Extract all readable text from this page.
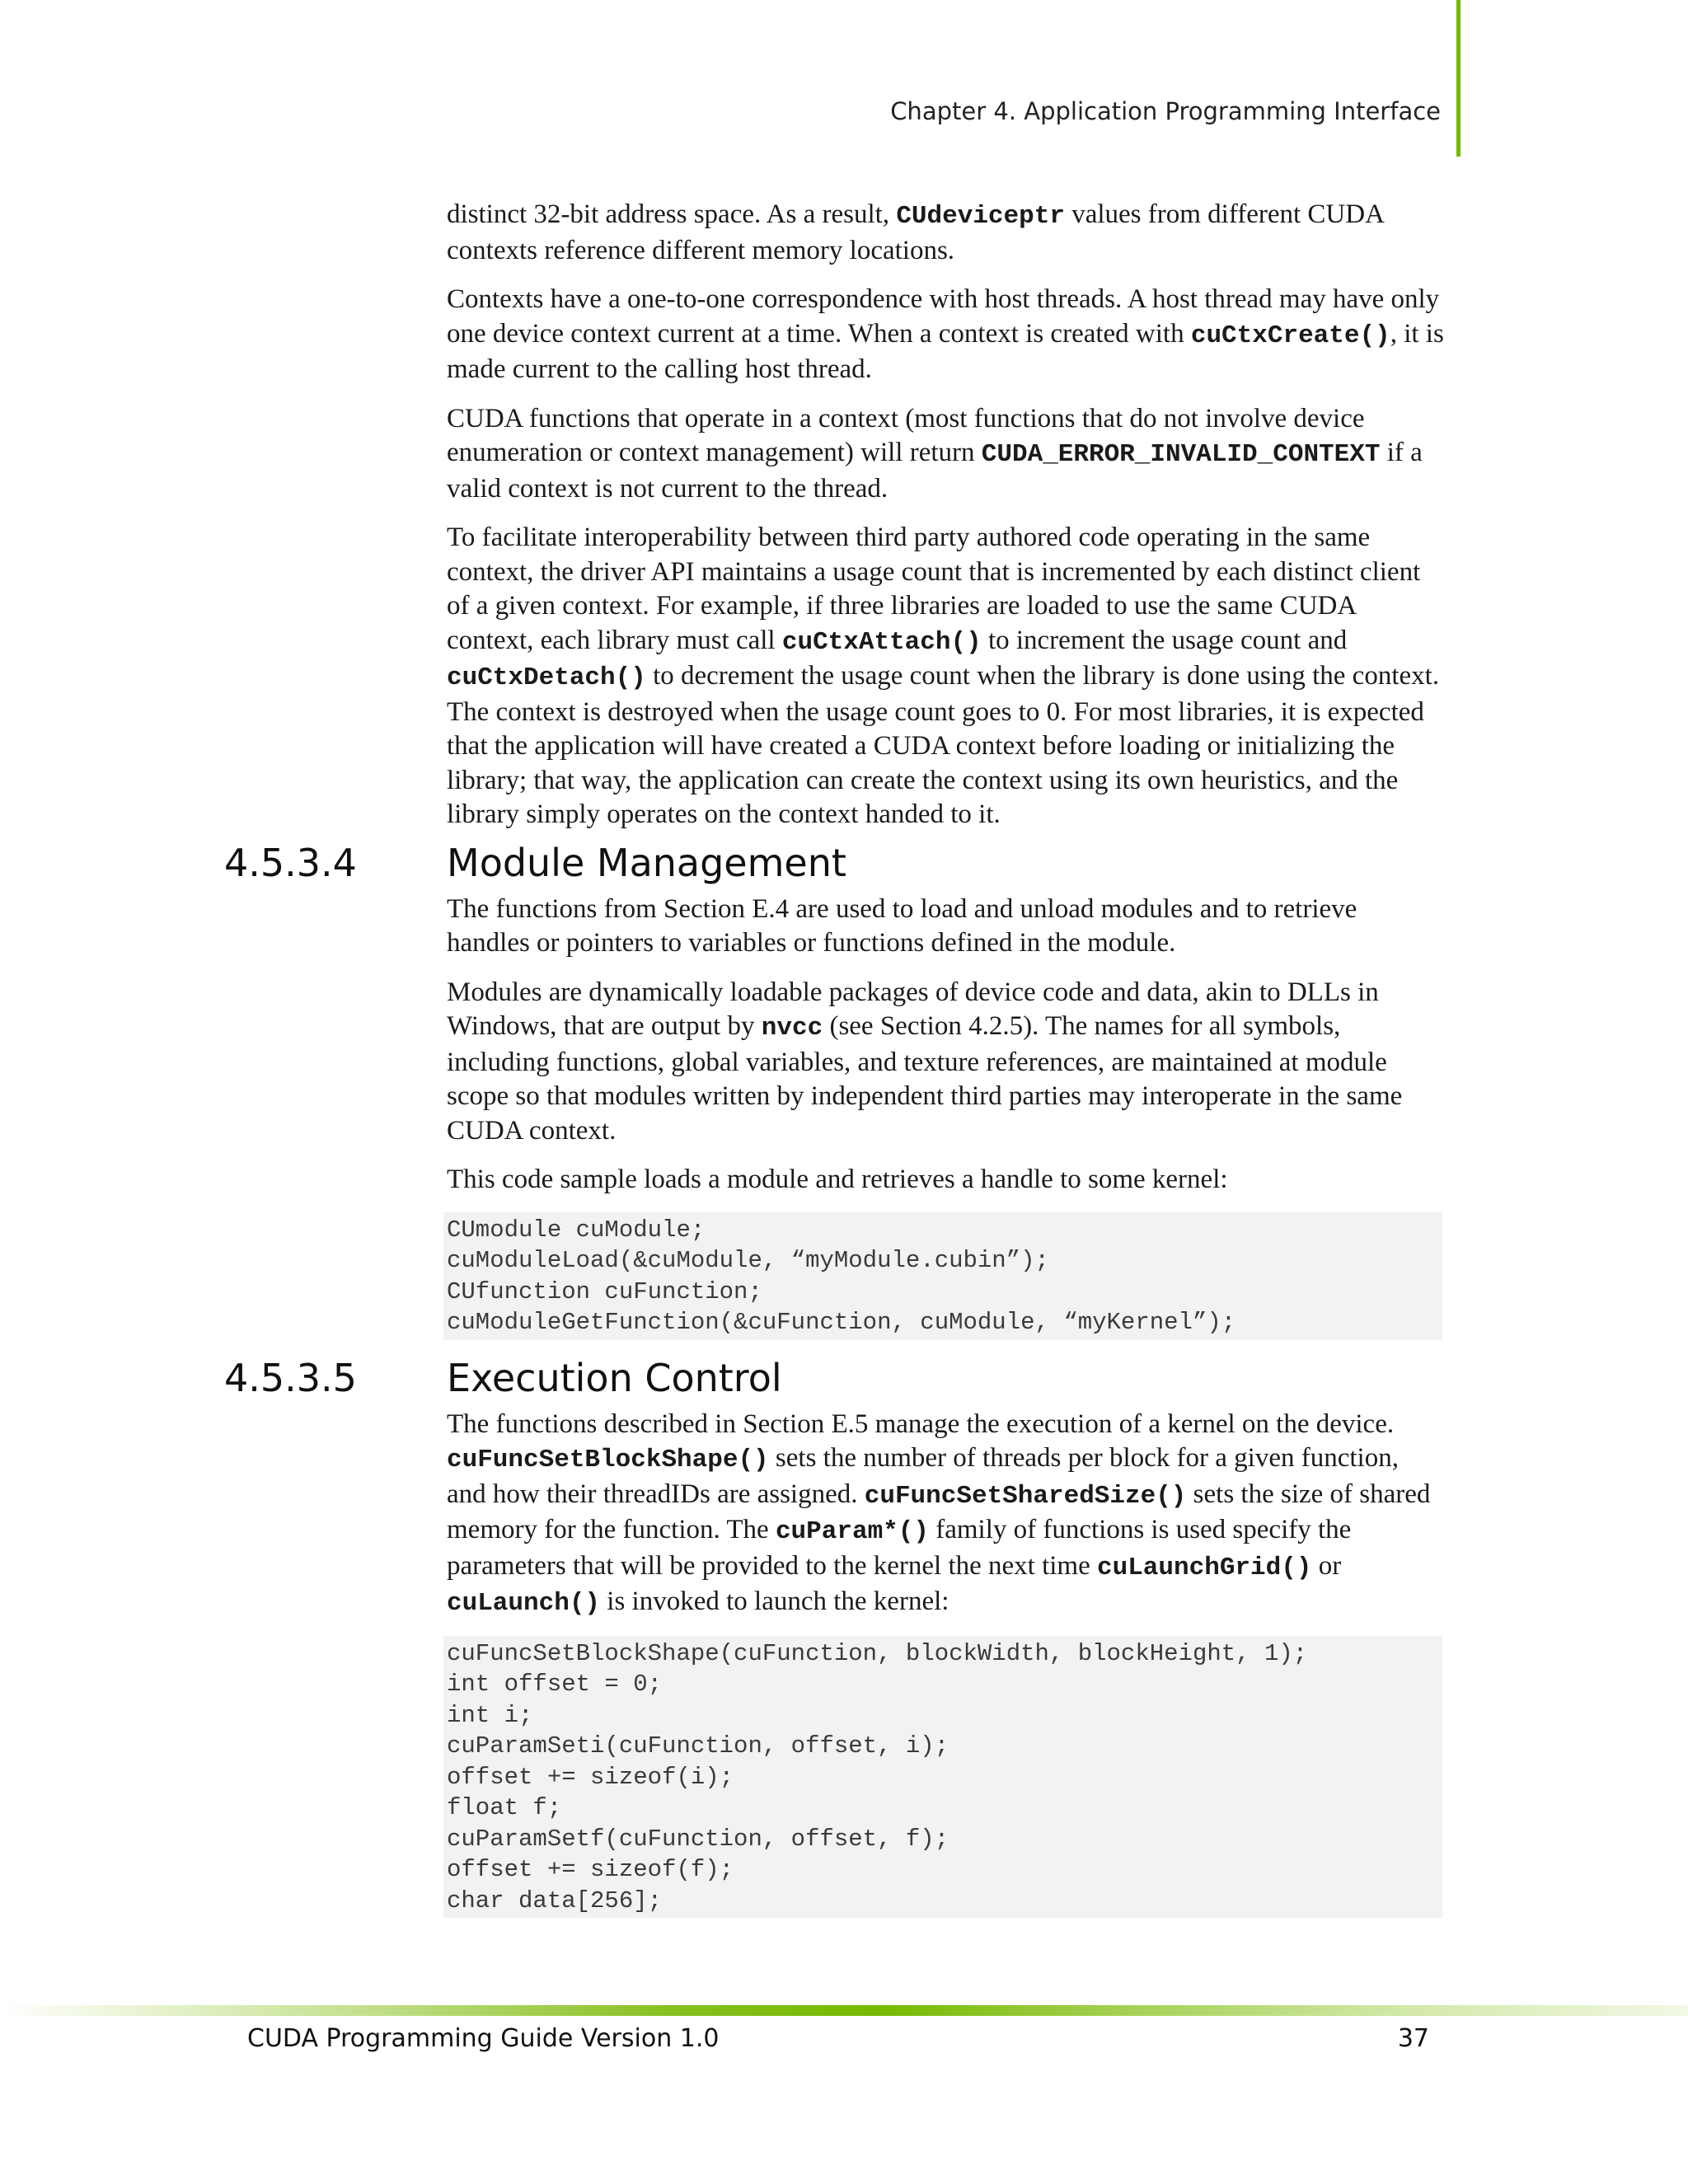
Chapter 4. Application Programming Interface

distinct 32-bit address space. As a result, CUdeviceptr values from different CUDA contexts reference different memory locations.

Contexts have a one-to-one correspondence with host threads. A host thread may have only one device context current at a time. When a context is created with cuCtxCreate(), it is made current to the calling host thread.

CUDA functions that operate in a context (most functions that do not involve device enumeration or context management) will return CUDA_ERROR_INVALID_CONTEXT if a valid context is not current to the thread.

To facilitate interoperability between third party authored code operating in the same context, the driver API maintains a usage count that is incremented by each distinct client of a given context. For example, if three libraries are loaded to use the same CUDA context, each library must call cuCtxAttach() to increment the usage count and cuCtxDetach() to decrement the usage count when the library is done using the context. The context is destroyed when the usage count goes to 0. For most libraries, it is expected that the application will have created a CUDA context before loading or initializing the library; that way, the application can create the context using its own heuristics, and the library simply operates on the context handed to it.

4.5.3.4 Module Management

The functions from Section E.4 are used to load and unload modules and to retrieve handles or pointers to variables or functions defined in the module.

Modules are dynamically loadable packages of device code and data, akin to DLLs in Windows, that are output by nvcc (see Section 4.2.5). The names for all symbols, including functions, global variables, and texture references, are maintained at module scope so that modules written by independent third parties may interoperate in the same CUDA context.

This code sample loads a module and retrieves a handle to some kernel:

CUmodule cuModule;
cuModuleLoad(&cuModule, “myModule.cubin”);
CUfunction cuFunction;
cuModuleGetFunction(&cuFunction, cuModule, “myKernel”);
4.5.3.5 Execution Control

The functions described in Section E.5 manage the execution of a kernel on the device. cuFuncSetBlockShape() sets the number of threads per block for a given function, and how their threadIDs are assigned. cuFuncSetSharedSize() sets the size of shared memory for the function. The cuParam*() family of functions is used specify the parameters that will be provided to the kernel the next time cuLaunchGrid() or cuLaunch() is invoked to launch the kernel:

cuFuncSetBlockShape(cuFunction, blockWidth, blockHeight, 1);
int offset = 0;
int i;
cuParamSeti(cuFunction, offset, i);
offset += sizeof(i);
float f;
cuParamSetf(cuFunction, offset, f);
offset += sizeof(f);
char data[256];
CUDA Programming Guide Version 1.0	37
